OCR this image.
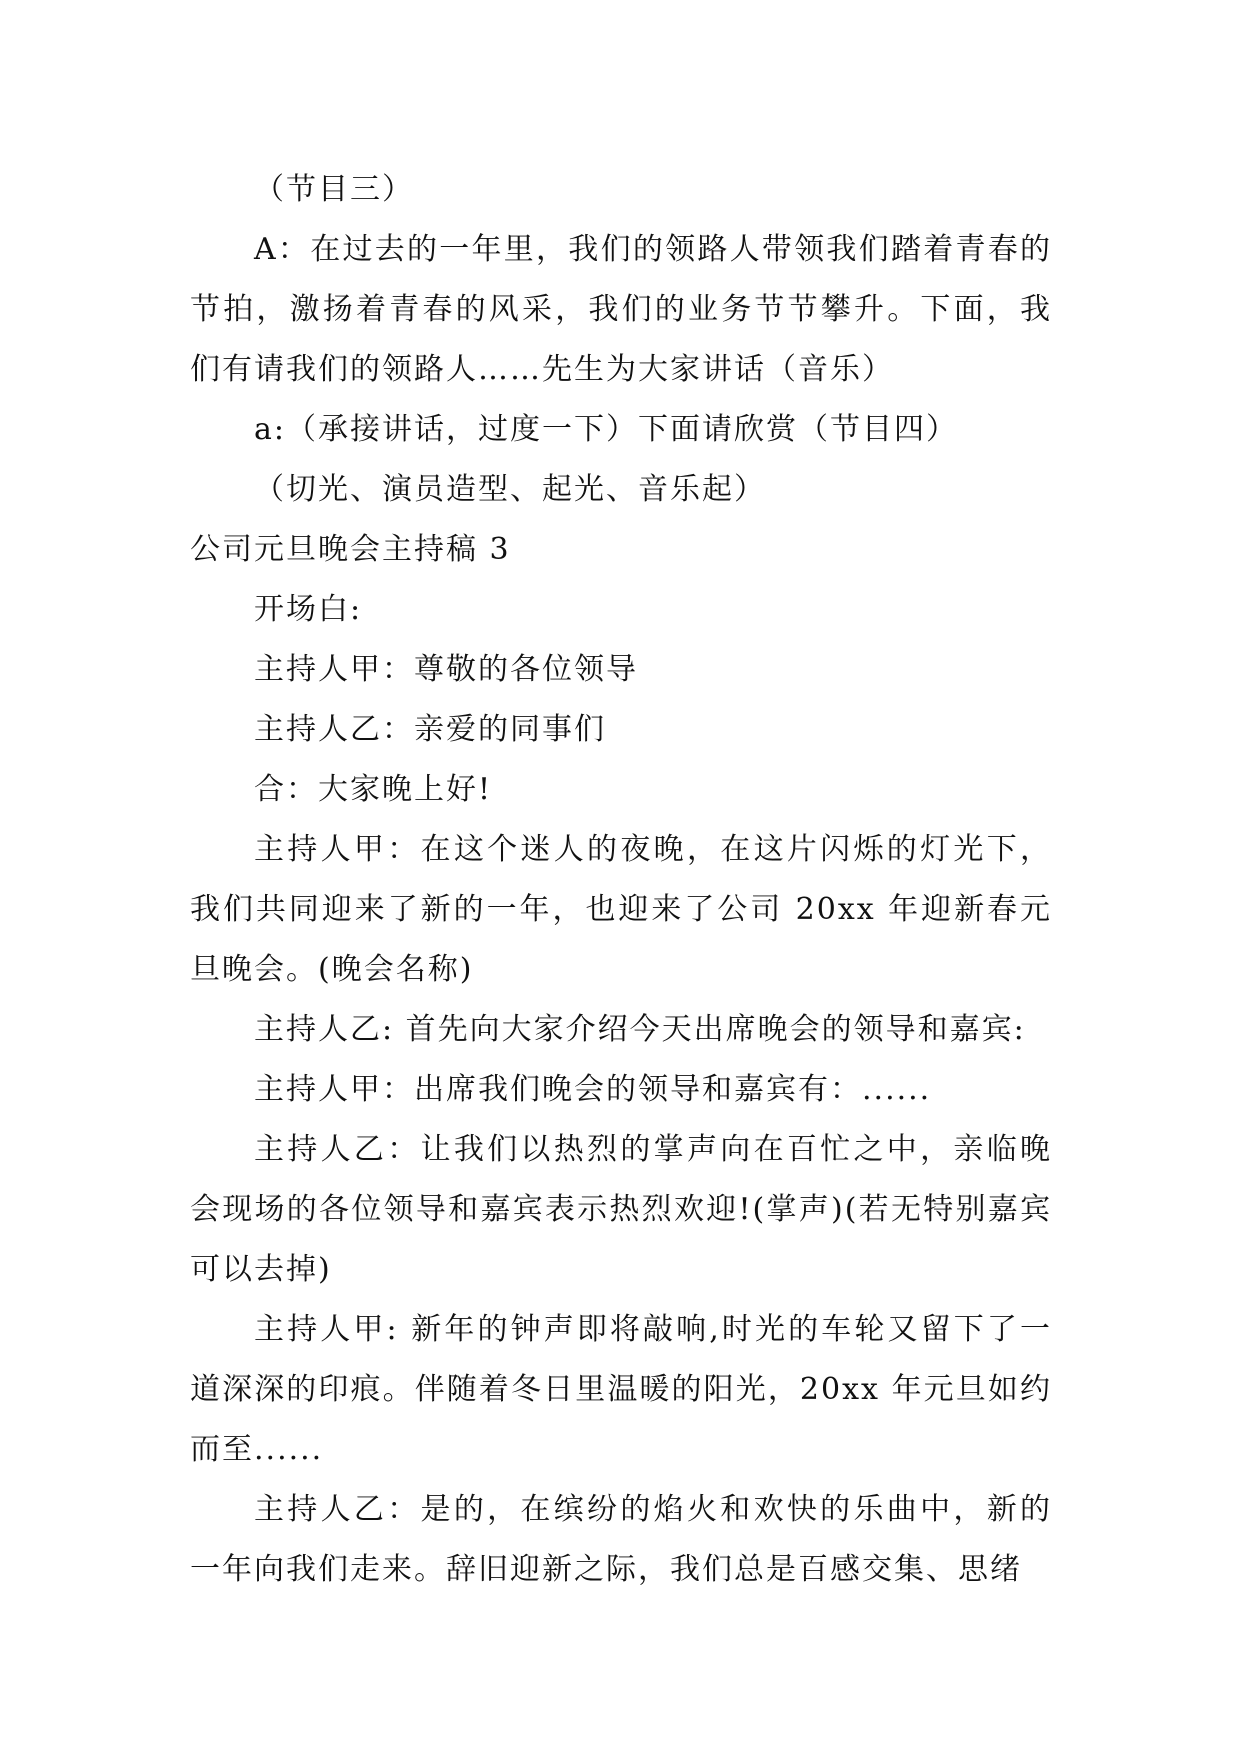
（节目三）

A：在过去的一年里，我们的领路人带领我们踏着青春的节拍，激扬着青春的风采，我们的业务节节攀升。下面，我们有请我们的领路人……先生为大家讲话（音乐）

a:（承接讲话，过度一下）下面请欣赏（节目四）

（切光、演员造型、起光、音乐起）

公司元旦晚会主持稿 3

开场白:

主持人甲：尊敬的各位领导

主持人乙：亲爱的同事们

合：大家晚上好!

主持人甲：在这个迷人的夜晚，在这片闪烁的灯光下，我们共同迎来了新的一年，也迎来了公司 20xx 年迎新春元旦晚会。(晚会名称)

主持人乙: 首先向大家介绍今天出席晚会的领导和嘉宾:

主持人甲：出席我们晚会的领导和嘉宾有：......

主持人乙：让我们以热烈的掌声向在百忙之中，亲临晚会现场的各位领导和嘉宾表示热烈欢迎!(掌声)(若无特别嘉宾可以去掉)

主持人甲: 新年的钟声即将敲响,时光的车轮又留下了一道深深的印痕。伴随着冬日里温暖的阳光，20xx 年元旦如约而至......

主持人乙：是的，在缤纷的焰火和欢快的乐曲中，新的一年向我们走来。辞旧迎新之际，我们总是百感交集、思绪
